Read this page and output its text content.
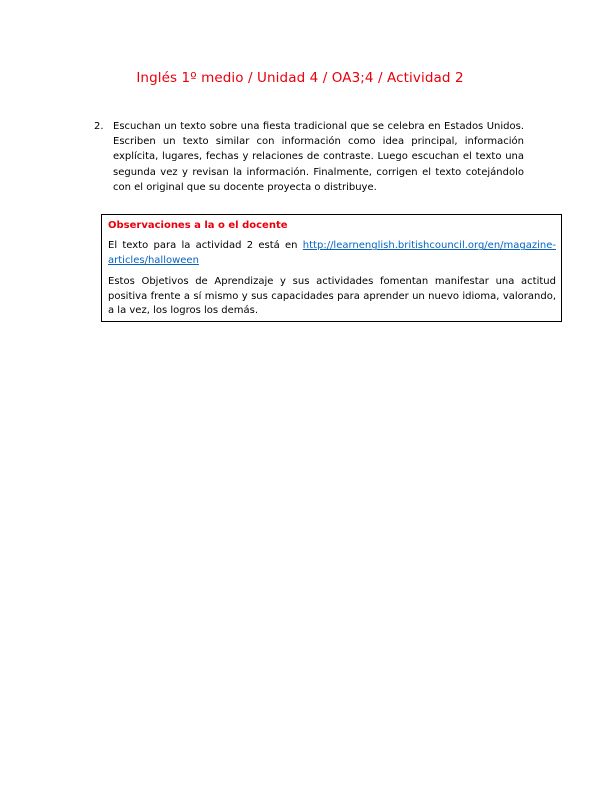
Inglés 1º medio / Unidad 4 / OA3;4 / Actividad 2
2. Escuchan un texto sobre una fiesta tradicional que se celebra en Estados Unidos. Escriben un texto similar con información como idea principal, información explícita, lugares, fechas y relaciones de contraste. Luego escuchan el texto una segunda vez y revisan la información. Finalmente, corrigen el texto cotejándolo con el original que su docente proyecta o distribuye.
Observaciones a la o el docente
El texto para la actividad 2 está en http://learnenglish.britishcouncil.org/en/magazine-articles/halloween
Estos Objetivos de Aprendizaje y sus actividades fomentan manifestar una actitud positiva frente a sí mismo y sus capacidades para aprender un nuevo idioma, valorando, a la vez, los logros los demás.
